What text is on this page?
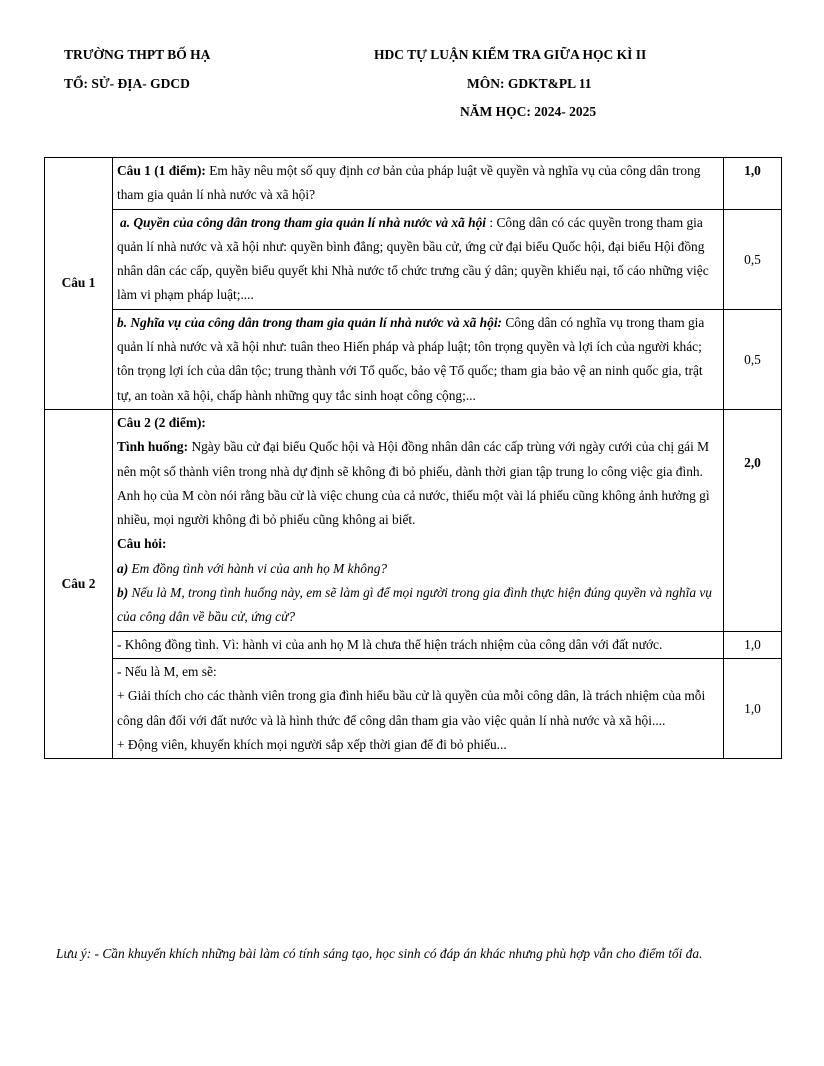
TRƯỜNG THPT BỐ HẠ
TỔ: SỬ- ĐỊA- GDCD
HDC TỰ LUẬN KIỂM TRA GIỮA HỌC KÌ II
MÔN: GDKT&PL 11
NĂM HỌC: 2024- 2025
Câu 1	Câu 1 (1 điểm): Em hãy nêu một số quy định cơ bản của pháp luật về quyền và nghĩa vụ của công dân trong tham gia quản lí nhà nước và xã hội?	1,0
	a. Quyền của công dân trong tham gia quản lí nhà nước và xã hội : Công dân có các quyền trong tham gia quản lí nhà nước và xã hội như: quyền bình đẳng; quyền bầu cử, ứng cử đại biểu Quốc hội, đại biểu Hội đồng nhân dân các cấp, quyền biểu quyết khi Nhà nước tổ chức trưng cầu ý dân; quyền khiếu nại, tố cáo những việc làm vi phạm pháp luật;....	0,5
	b. Nghĩa vụ của công dân trong tham gia quản lí nhà nước và xã hội: Công dân có nghĩa vụ trong tham gia quản lí nhà nước và xã hội như: tuân theo Hiến pháp và pháp luật; tôn trọng quyền và lợi ích của người khác; tôn trọng lợi ích của dân tộc; trung thành với Tổ quốc, bảo vệ Tổ quốc; tham gia bảo vệ an ninh quốc gia, trật tự, an toàn xã hội, chấp hành những quy tắc sinh hoạt công cộng;...	0,5
Câu 2	Câu 2 (2 điểm):
Tình huống: Ngày bầu cử đại biểu Quốc hội và Hội đồng nhân dân các cấp trùng với ngày cưới của chị gái M nên một số thành viên trong nhà dự định sẽ không đi bỏ phiếu, dành thời gian tập trung lo công việc gia đình. Anh họ của M còn nói rằng bầu cử là việc chung của cả nước, thiếu một vài lá phiếu cũng không ảnh hưởng gì nhiều, mọi người không đi bỏ phiếu cũng không ai biết.
Câu hỏi:
a) Em đồng tình với hành vi của anh họ M không?
b) Nếu là M, trong tình huống này, em sẽ làm gì để mọi người trong gia đình thực hiện đúng quyền và nghĩa vụ của công dân về bầu cử, ứng cử?	2,0
	- Không đồng tình. Vì: hành vi của anh họ M là chưa thể hiện trách nhiệm của công dân với đất nước.	1,0

	- Nếu là M, em sẽ:
+ Giải thích cho các thành viên trong gia đình hiểu bầu cử là quyền của mỗi công dân, là trách nhiệm của mỗi công dân đối với đất nước và là hình thức để công dân tham gia vào việc quản lí nhà nước và xã hội....
+ Động viên, khuyến khích mọi người sắp xếp thời gian để đi bỏ phiếu...	1,0
Lưu ý: - Cần khuyến khích những bài làm có tính sáng tạo, học sinh có đáp án khác nhưng phù hợp vẫn cho điểm tối đa.
